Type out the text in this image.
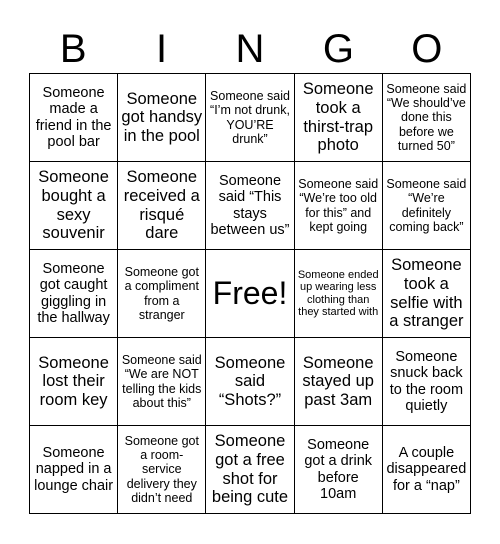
B	I	N	G	O
Someone made a friend in the pool bar
Someone got handsy in the pool
Someone said “I’m not drunk, YOU’RE drunk”
Someone took a thirst-trap photo
Someone said “We should’ve done this before we turned 50”
Someone bought a sexy souvenir
Someone received a risqué dare
Someone said “This stays between us”
Someone said “We’re too old for this” and kept going
Someone said “We’re definitely coming back”
Someone got caught giggling in the hallway
Someone got a compliment from a stranger
Free!
Someone ended up wearing less clothing than they started with
Someone took a selfie with a stranger
Someone lost their room key
Someone said “We are NOT telling the kids about this”
Someone said “Shots?”
Someone stayed up past 3am
Someone snuck back to the room quietly
Someone napped in a lounge chair
Someone got a room-service delivery they didn’t need
Someone got a free shot for being cute
Someone got a drink before 10am
A couple disappeared for a “nap”
